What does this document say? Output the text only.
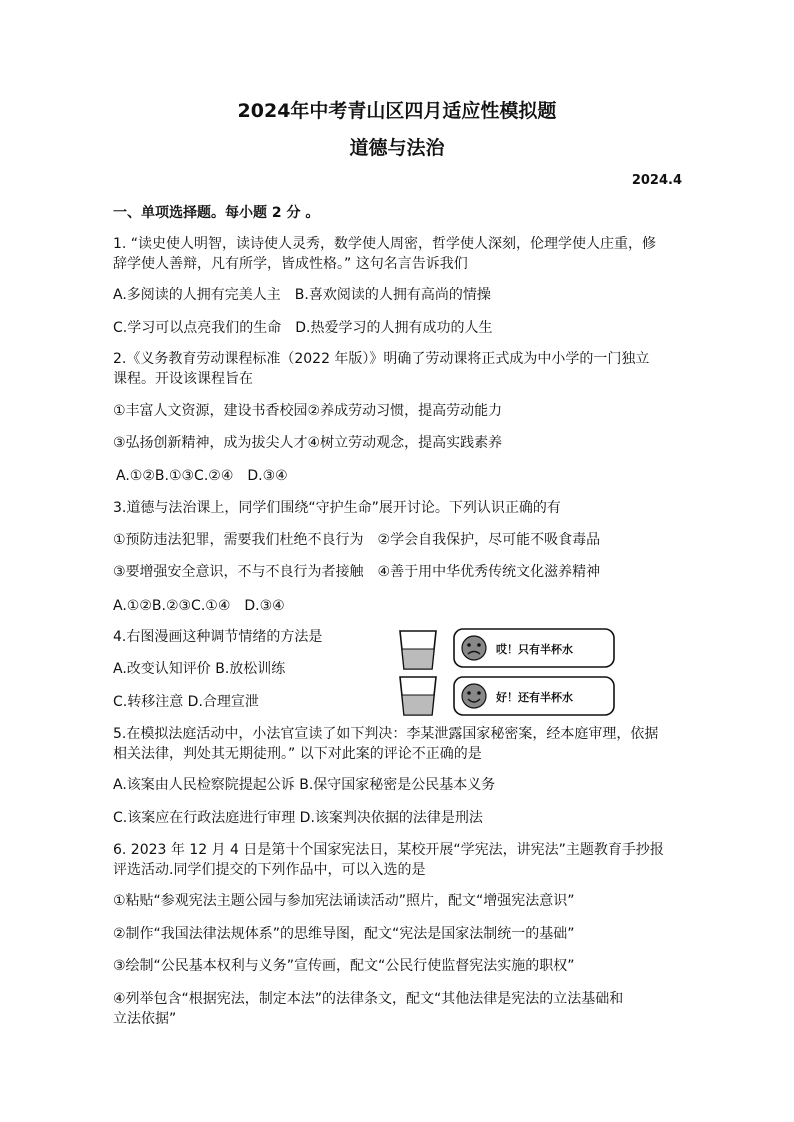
2024年中考青山区四月适应性模拟题
道德与法治
2024.4
一、单项选择题。每小题 2 分 。
1. “读史使人明智，读诗使人灵秀，数学使人周密，哲学使人深刻，伦理学使人庄重，修
辞学使人善辩，凡有所学，皆成性格。” 这句名言告诉我们
A.多阅读的人拥有完美人主　B.喜欢阅读的人拥有高尚的情操
C.学习可以点亮我们的生命　D.热爱学习的人拥有成功的人生
2.《义务教育劳动课程标准（2022 年版）》明确了劳动课将正式成为中小学的一门独立
课程。开设该课程旨在
①丰富人文资源，建设书香校园②养成劳动习惯，提高劳动能力
③弘扬创新精神，成为拔尖人才④树立劳动观念，提高实践素养
A.①②B.①③C.②④　D.③④
3.道德与法治课上，同学们围绕“守护生命”展开讨论。下列认识正确的有
①预防违法犯罪，需要我们杜绝不良行为　②学会自我保护，尽可能不吸食毒品
③要增强安全意识，不与不良行为者接触　④善于用中华优秀传统文化滋养精神
A.①②B.②③C.①④　D.③④
4.右图漫画这种调节情绪的方法是
A.改变认知评价 B.放松训练
C.转移注意 D.合理宣泄
哎！只有半杯水
好！还有半杯水
5.在模拟法庭活动中，小法官宣读了如下判决：李某泄露国家秘密案，经本庭审理，依据
相关法律，判处其无期徒刑。” 以下对此案的评论不正确的是
A.该案由人民检察院提起公诉 B.保守国家秘密是公民基本义务
C.该案应在行政法庭进行审理 D.该案判决依据的法律是刑法
6. 2023 年 12 月 4 日是第十个国家宪法日，某校开展“学宪法，讲宪法”主题教育手抄报
评选活动.同学们提交的下列作品中，可以入选的是
①粘贴“参观宪法主题公园与参加宪法诵读活动”照片，配文“增强宪法意识”
②制作“我国法律法规体系”的思维导图，配文“宪法是国家法制统一的基础”
③绘制“公民基本权利与义务”宣传画，配文“公民行使监督宪法实施的职权”
④列举包含“根据宪法，制定本法”的法律条文，配文“其他法律是宪法的立法基础和
立法依据”
